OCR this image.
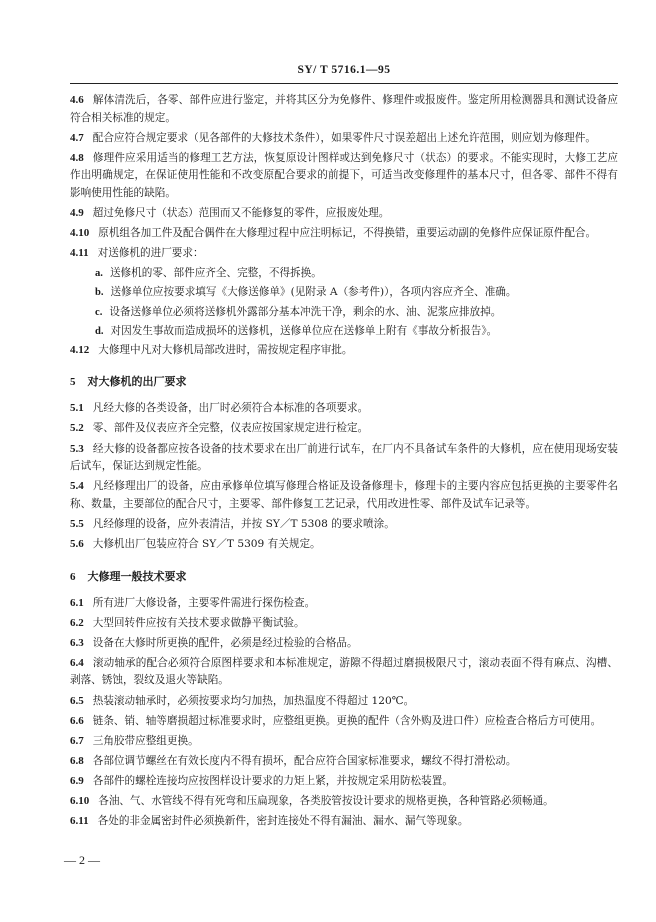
SY/ T 5716.1—95

4.6 解体清洗后，各零、部件应进行鉴定，并将其区分为免修件、修理件或报废件。鉴定所用检测器具和测试设备应符合相关标准的规定。

4.7 配合应符合规定要求（见各部件的大修技术条件），如果零件尺寸误差超出上述允许范围，则应划为修理件。

4.8 修理件应采用适当的修理工艺方法，恢复原设计图样或达到免修尺寸（状态）的要求。不能实现时，大修工艺应作出明确规定，在保证使用性能和不改变原配合要求的前提下，可适当改变修理件的基本尺寸，但各零、部件不得有影响使用性能的缺陷。

4.9 超过免修尺寸（状态）范围而又不能修复的零件，应报废处理。

4.10 原机组各加工件及配合偶件在大修理过程中应注明标记，不得换错，重要运动副的免修件应保证原件配合。

4.11 对送修机的进厂要求：

a. 送修机的零、部件应齐全、完整，不得拆换。

b. 送修单位应按要求填写《大修送修单》(见附录 A（参考件)），各项内容应齐全、准确。

c. 设备送修单位必须将送修机外露部分基本冲洗干净，剩余的水、油、泥浆应排放掉。

d. 对因发生事故而造成损坏的送修机，送修单位应在送修单上附有《事故分析报告》。

4.12 大修理中凡对大修机局部改进时，需按规定程序审批。

5 对大修机的出厂要求

5.1 凡经大修的各类设备，出厂时必须符合本标准的各项要求。

5.2 零、部件及仪表应齐全完整，仪表应按国家规定进行检定。

5.3 经大修的设备都应按各设备的技术要求在出厂前进行试车，在厂内不具备试车条件的大修机，应在使用现场安装后试车，保证达到规定性能。

5.4 凡经修理出厂的设备，应由承修单位填写修理合格证及设备修理卡，修理卡的主要内容应包括更换的主要零件名称、数量，主要部位的配合尺寸，主要零、部件修复工艺记录，代用改进性零、部件及试车记录等。

5.5 凡经修理的设备，应外表清洁，并按 SY／T 5308 的要求喷涂。

5.6 大修机出厂包装应符合 SY／T 5309 有关规定。

6 大修理一般技术要求

6.1 所有进厂大修设备，主要零件需进行探伤检查。

6.2 大型回转件应按有关技术要求做静平衡试验。

6.3 设备在大修时所更换的配件，必须是经过检验的合格品。

6.4 滚动轴承的配合必须符合原图样要求和本标准规定，游隙不得超过磨损极限尺寸，滚动表面不得有麻点、沟槽、剥落、锈蚀，裂纹及退火等缺陷。

6.5 热装滚动轴承时，必须按要求均匀加热，加热温度不得超过 120℃。

6.6 链条、销、轴等磨损超过标准要求时，应整组更换。更换的配件（含外购及进口件）应检查合格后方可使用。

6.7 三角胶带应整组更换。

6.8 各部位调节螺丝在有效长度内不得有损坏，配合应符合国家标准要求，螺纹不得打滑松动。

6.9 各部件的螺栓连接均应按图样设计要求的力矩上紧，并按规定采用防松装置。

6.10 各油、气、水管线不得有死弯和压扁现象，各类胶管按设计要求的规格更换，各种管路必须畅通。

6.11 各处的非金属密封件必须换新件，密封连接处不得有漏油、漏水、漏气等现象。

— 2 —
